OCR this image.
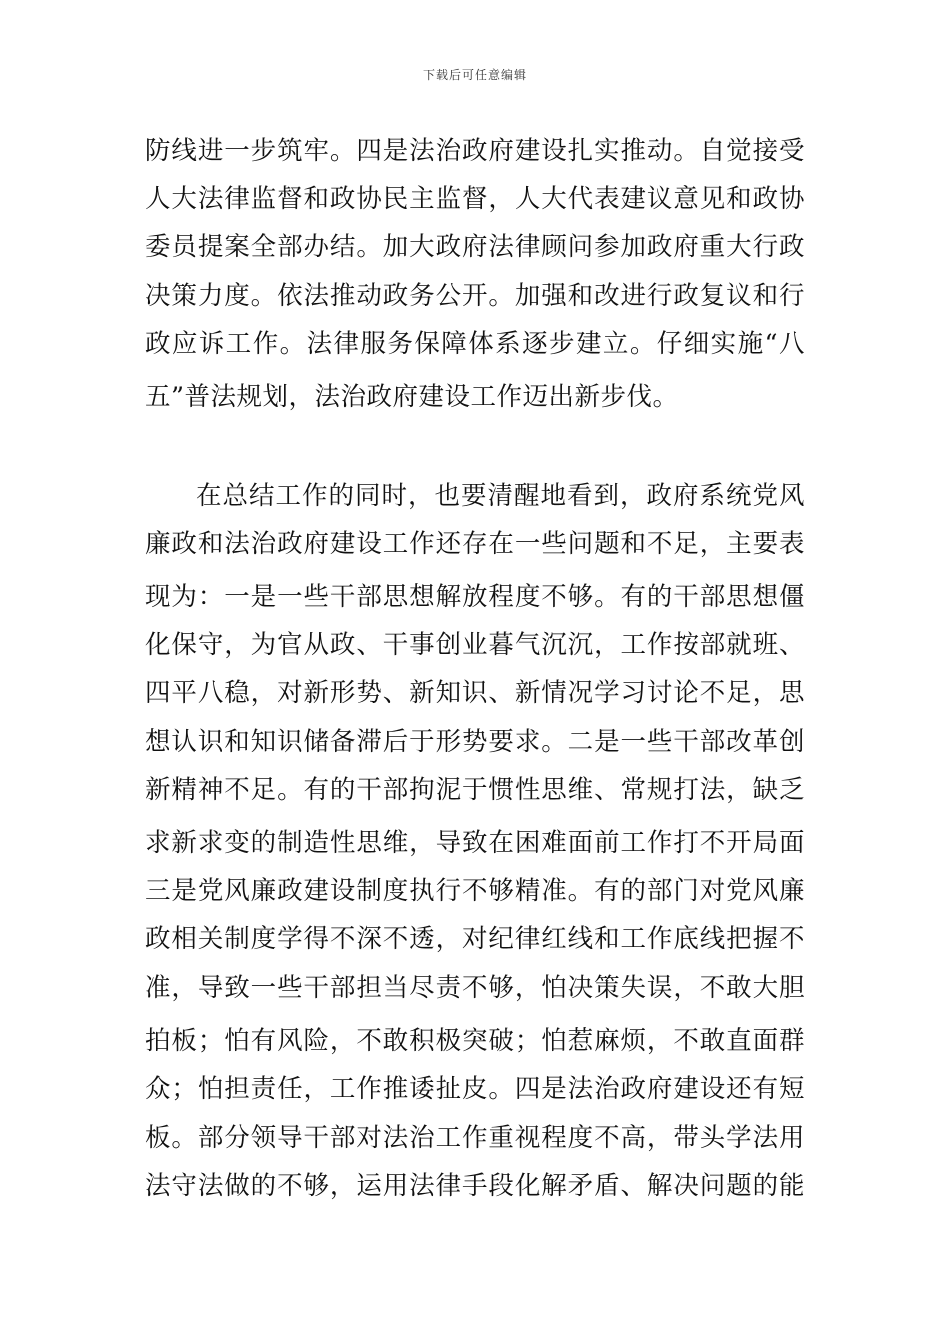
下载后可任意编辑
防线进一步筑牢。四是法治政府建设扎实推动。自觉接受
人大法律监督和政协民主监督，人大代表建议意见和政协
委员提案全部办结。加大政府法律顾问参加政府重大行政
决策力度。依法推动政务公开。加强和改进行政复议和行
政应诉工作。法律服务保障体系逐步建立。仔细实施“八
五”普法规划，法治政府建设工作迈出新步伐。
在总结工作的同时，也要清醒地看到，政府系统党风
廉政和法治政府建设工作还存在一些问题和不足，主要表
现为：一是一些干部思想解放程度不够。有的干部思想僵
化保守，为官从政、干事创业暮气沉沉，工作按部就班、
四平八稳，对新形势、新知识、新情况学习讨论不足，思
想认识和知识储备滞后于形势要求。二是一些干部改革创
新精神不足。有的干部拘泥于惯性思维、常规打法，缺乏
求新求变的制造性思维，导致在困难面前工作打不开局面
三是党风廉政建设制度执行不够精准。有的部门对党风廉
政相关制度学得不深不透，对纪律红线和工作底线把握不
准，导致一些干部担当尽责不够，怕决策失误，不敢大胆
拍板；怕有风险，不敢积极突破；怕惹麻烦，不敢直面群
众；怕担责任，工作推诿扯皮。四是法治政府建设还有短
板。部分领导干部对法治工作重视程度不高，带头学法用
法守法做的不够，运用法律手段化解矛盾、解决问题的能
